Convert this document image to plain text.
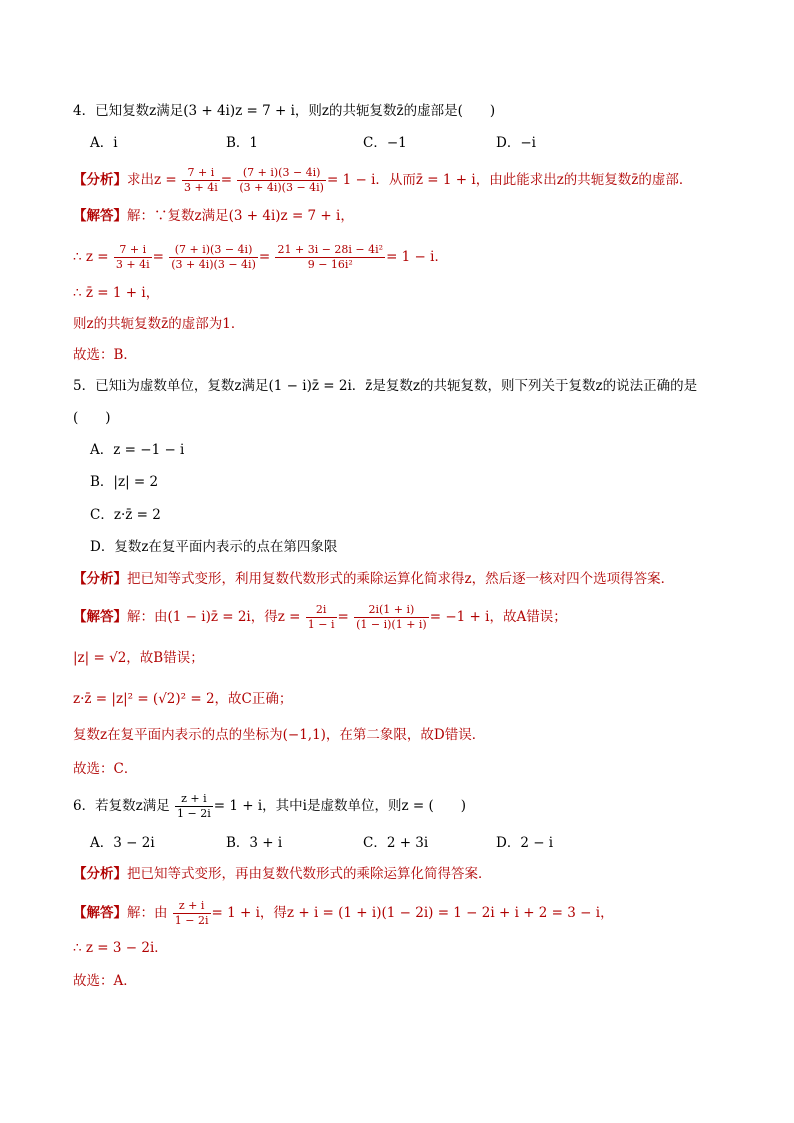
4．已知复数z满足(3 + 4i)z = 7 + i，则z的共轭复数z̄的虚部是(　　)
A．i	B．1	C．−1	D．−i
【分析】求出$z = \frac{7 + i}{3 + 4i} = \frac{(7 + i)(3 - 4i)}{(3 + 4i)(3 - 4i)} = 1 - i$．从而z̄ = 1 + i，由此能求出z的共轭复数z̄的虚部．
【解答】解：∵复数z满足(3 + 4i)z = 7 + i，
∴ $z = \frac{7 + i}{3 + 4i} = \frac{(7 + i)(3 - 4i)}{(3 + 4i)(3 - 4i)} = \frac{\text{21 + 3i − 28i − 4i²}}{\text{9 − 16i²}} = 1 - i$．
∴ z̄ = 1 + i，
则z的共轭复数z̄的虚部为1．
故选：B．
5．已知i为虚数单位，复数z满足(1 − i)z̄ = 2i．z̄是复数z的共轭复数，则下列关于复数z的说法正确的是
(　　)
A．z = −1 − i
B．|z| = 2
C．z·z̄ = 2
D．复数z在复平面内表示的点在第四象限
【分析】把已知等式变形，利用复数代数形式的乘除运算化简求得z，然后逐一核对四个选项得答案．
【解答】解：由(1 − i)z̄ = 2i，得$z = \frac{2i}{1 - i} = \frac{2i(1 + i)}{(1 - i)(1 + i)} = -1 + i$，故A错误；
|z| = √2，故B错误；
z·z̄ = |z|² = (√2)² = 2，故C正确；
复数z在复平面内表示的点的坐标为(−1,1)，在第二象限，故D错误．
故选：C．
6．若复数z满足 $\frac{z + i}{1 - 2i} = 1 + i$，其中i是虚数单位，则z = (　　)
A．3 − 2i	B．3 + i	C．2 + 3i	D．2 − i
【分析】把已知等式变形，再由复数代数形式的乘除运算化简得答案．
【解答】解：由 $\frac{z + i}{1 - 2i} = 1 + i$，得z + i = (1 + i)(1 − 2i) = 1 − 2i + i + 2 = 3 − i，
∴ z = 3 − 2i．
故选：A．
